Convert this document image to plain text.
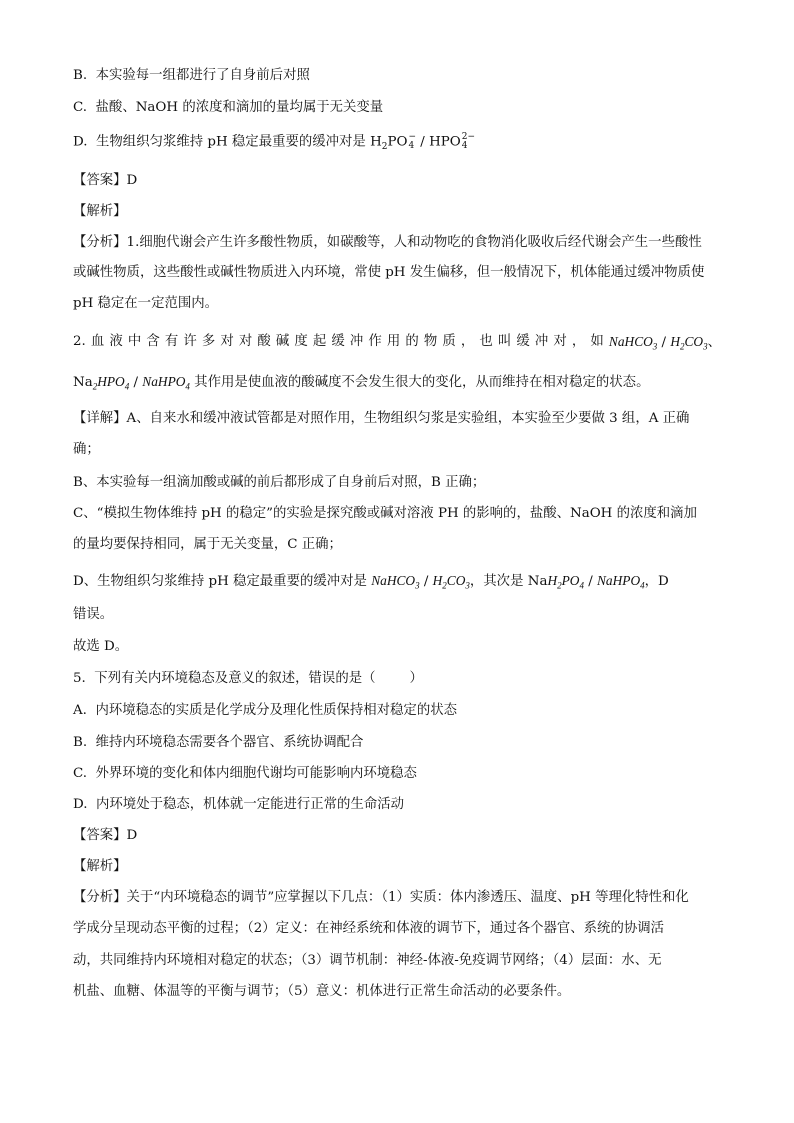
B.  本实验每一组都进行了自身前后对照
C.  盐酸、NaOH 的浓度和滴加的量均属于无关变量
D.  生物组织匀浆维持 pH 稳定最重要的缓冲对是 $H_2PO$ −
4 / HPO 2−
4
【答案】D
【解析】
【分析】1.细胞代谢会产生许多酸性物质，如碳酸等，人和动物吃的食物消化吸收后经代谢会产生一些酸性
或碱性物质，这些酸性或碱性物质进入内环境，常使 pH 发生偏移，但一般情况下，机体能通过缓冲物质使
pH 稳定在一定范围内。
2. 血 液 中 含 有 许 多 对 对 酸 碱 度 起 缓 冲 作 用 的 物 质 ， 也 叫 缓 冲 对 ， 如 NaHCO$_3$ / $H_2CO_3$、
$Na_2HPO_4$ / NaHPO$_4$ 其作用是使血液的酸碱度不会发生很大的变化，从而维持在相对稳定的状态。
【详解】A、自来水和缓冲液试管都是对照作用，生物组织匀浆是实验组，本实验至少要做 3 组，A 正确
确；
B、本实验每一组滴加酸或碱的前后都形成了自身前后对照，B 正确；
C、“模拟生物体维持 pH 的稳定”的实验是探究酸或碱对溶液 PH 的影响的，盐酸、NaOH 的浓度和滴加
的量均要保持相同，属于无关变量，C 正确；
D、生物组织匀浆维持 pH 稳定最重要的缓冲对是 NaHCO$_3$ / $H_2CO_3$，其次是 $NaH_2PO_4$ / NaHPO$_4$，D
错误。
故选 D。
5.  下列有关内环境稳态及意义的叙述，错误的是（        ）
A.  内环境稳态的实质是化学成分及理化性质保持相对稳定的状态
B.  维持内环境稳态需要各个器官、系统协调配合
C.  外界环境的变化和体内细胞代谢均可能影响内环境稳态
D.  内环境处于稳态，机体就一定能进行正常的生命活动
【答案】D
【解析】
【分析】关于“内环境稳态的调节”应掌握以下几点：（1）实质：体内渗透压、温度、pH 等理化特性和化
学成分呈现动态平衡的过程；（2）定义：在神经系统和体液的调节下，通过各个器官、系统的协调活
动，共同维持内环境相对稳定的状态；（3）调节机制：神经-体液-免疫调节网络；（4）层面：水、无
机盐、血糖、体温等的平衡与调节；（5）意义：机体进行正常生命活动的必要条件。
